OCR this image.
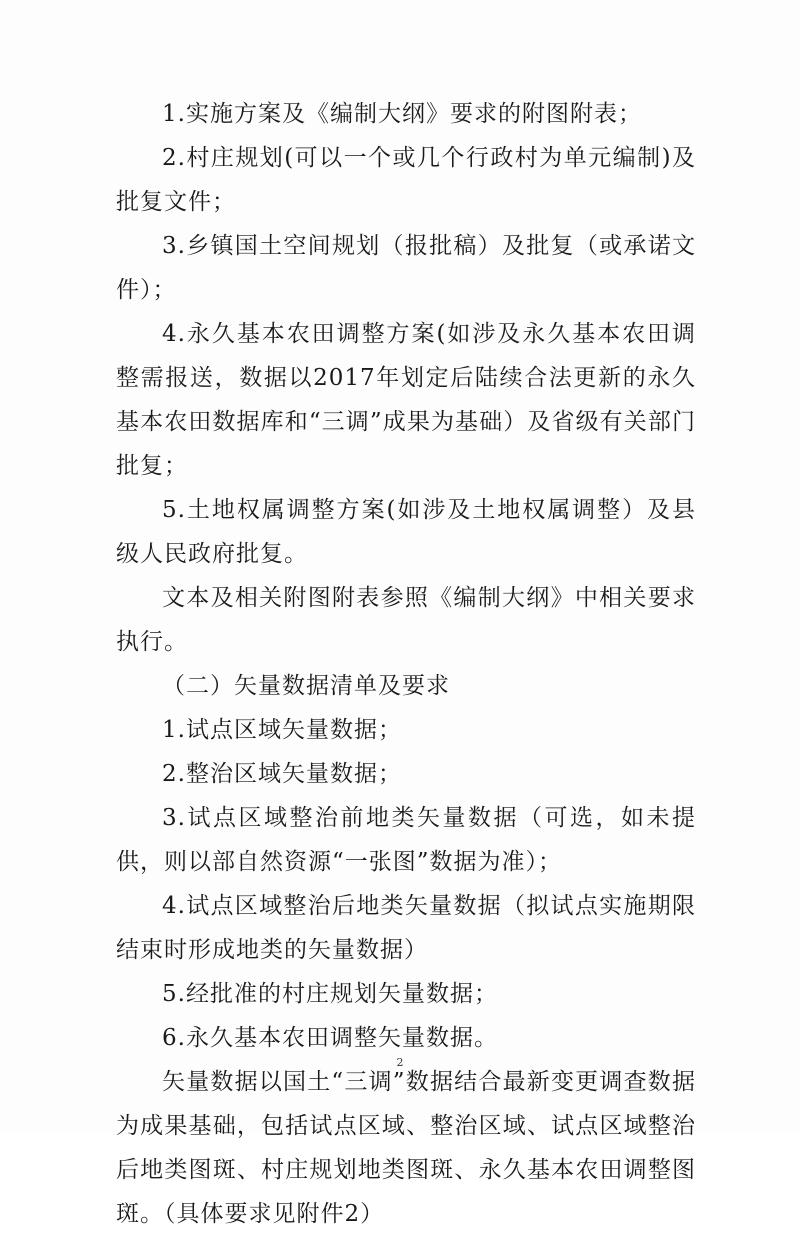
1.实施方案及《编制大纲》要求的附图附表；

2.村庄规划(可以一个或几个行政村为单元编制)及批复文件；

3.乡镇国土空间规划（报批稿）及批复（或承诺文件）；

4.永久基本农田调整方案(如涉及永久基本农田调整需报送，数据以2017年划定后陆续合法更新的永久基本农田数据库和“三调”成果为基础）及省级有关部门批复；

5.土地权属调整方案(如涉及土地权属调整）及县级人民政府批复。

文本及相关附图附表参照《编制大纲》中相关要求执行。

（二）矢量数据清单及要求

1.试点区域矢量数据；

2.整治区域矢量数据；

3.试点区域整治前地类矢量数据（可选，如未提供，则以部自然资源“一张图”数据为准）；

4.试点区域整治后地类矢量数据（拟试点实施期限结束时形成地类的矢量数据）

5.经批准的村庄规划矢量数据；

6.永久基本农田调整矢量数据。

矢量数据以国土“三调”数据结合最新变更调查数据为成果基础，包括试点区域、整治区域、试点区域整治后地类图斑、村庄规划地类图斑、永久基本农田调整图斑。（具体要求见附件2）

2
